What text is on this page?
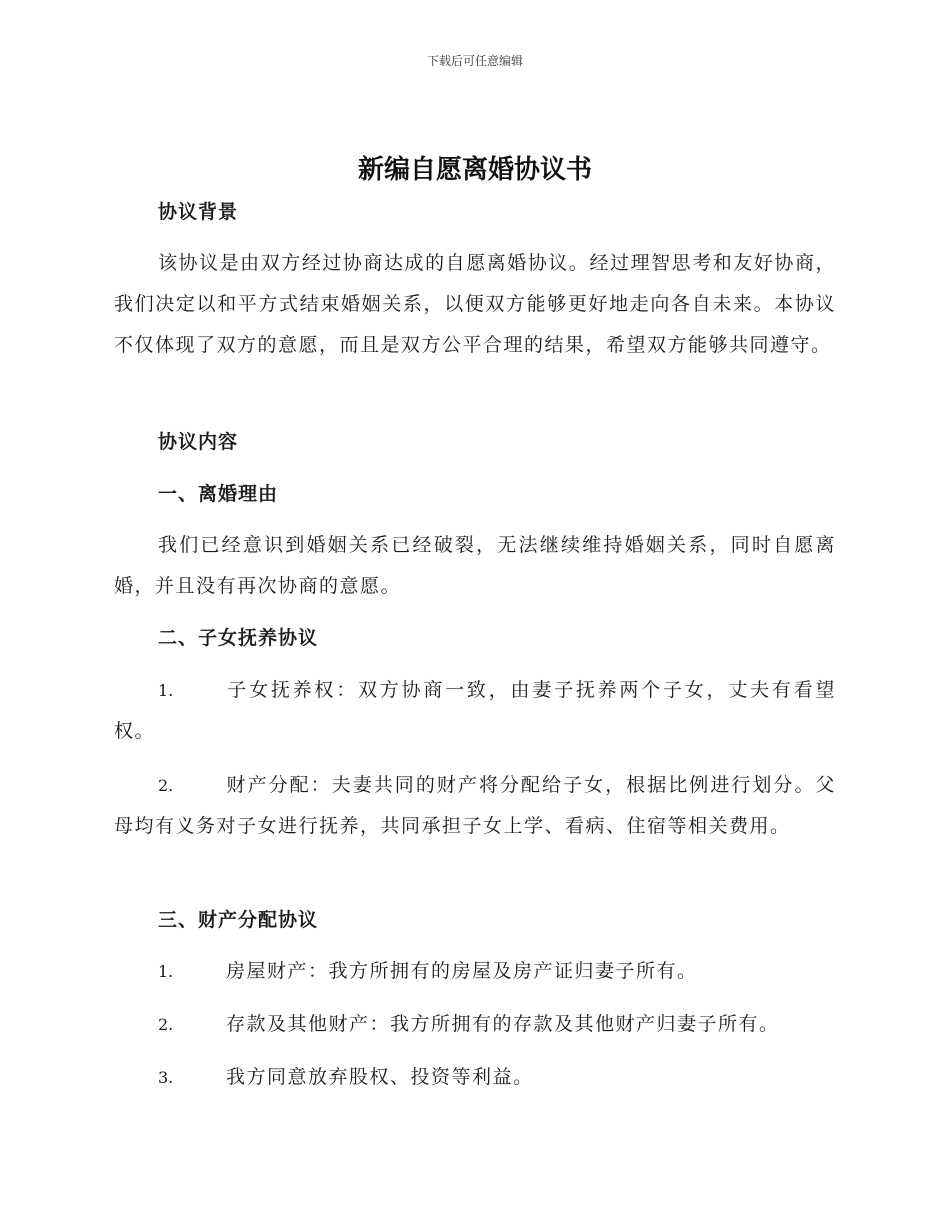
下载后可任意编辑
新编自愿离婚协议书
协议背景
该协议是由双方经过协商达成的自愿离婚协议。经过理智思考和友好协商，我们决定以和平方式结束婚姻关系，以便双方能够更好地走向各自未来。本协议不仅体现了双方的意愿，而且是双方公平合理的结果，希望双方能够共同遵守。
协议内容
一、离婚理由
我们已经意识到婚姻关系已经破裂，无法继续维持婚姻关系，同时自愿离婚，并且没有再次协商的意愿。
二、子女抚养协议
1.	子女抚养权：双方协商一致，由妻子抚养两个子女，丈夫有看望权。
2.	财产分配：夫妻共同的财产将分配给子女，根据比例进行划分。父母均有义务对子女进行抚养，共同承担子女上学、看病、住宿等相关费用。
三、财产分配协议
1.	房屋财产：我方所拥有的房屋及房产证归妻子所有。
2.	存款及其他财产：我方所拥有的存款及其他财产归妻子所有。
3.	我方同意放弃股权、投资等利益。
